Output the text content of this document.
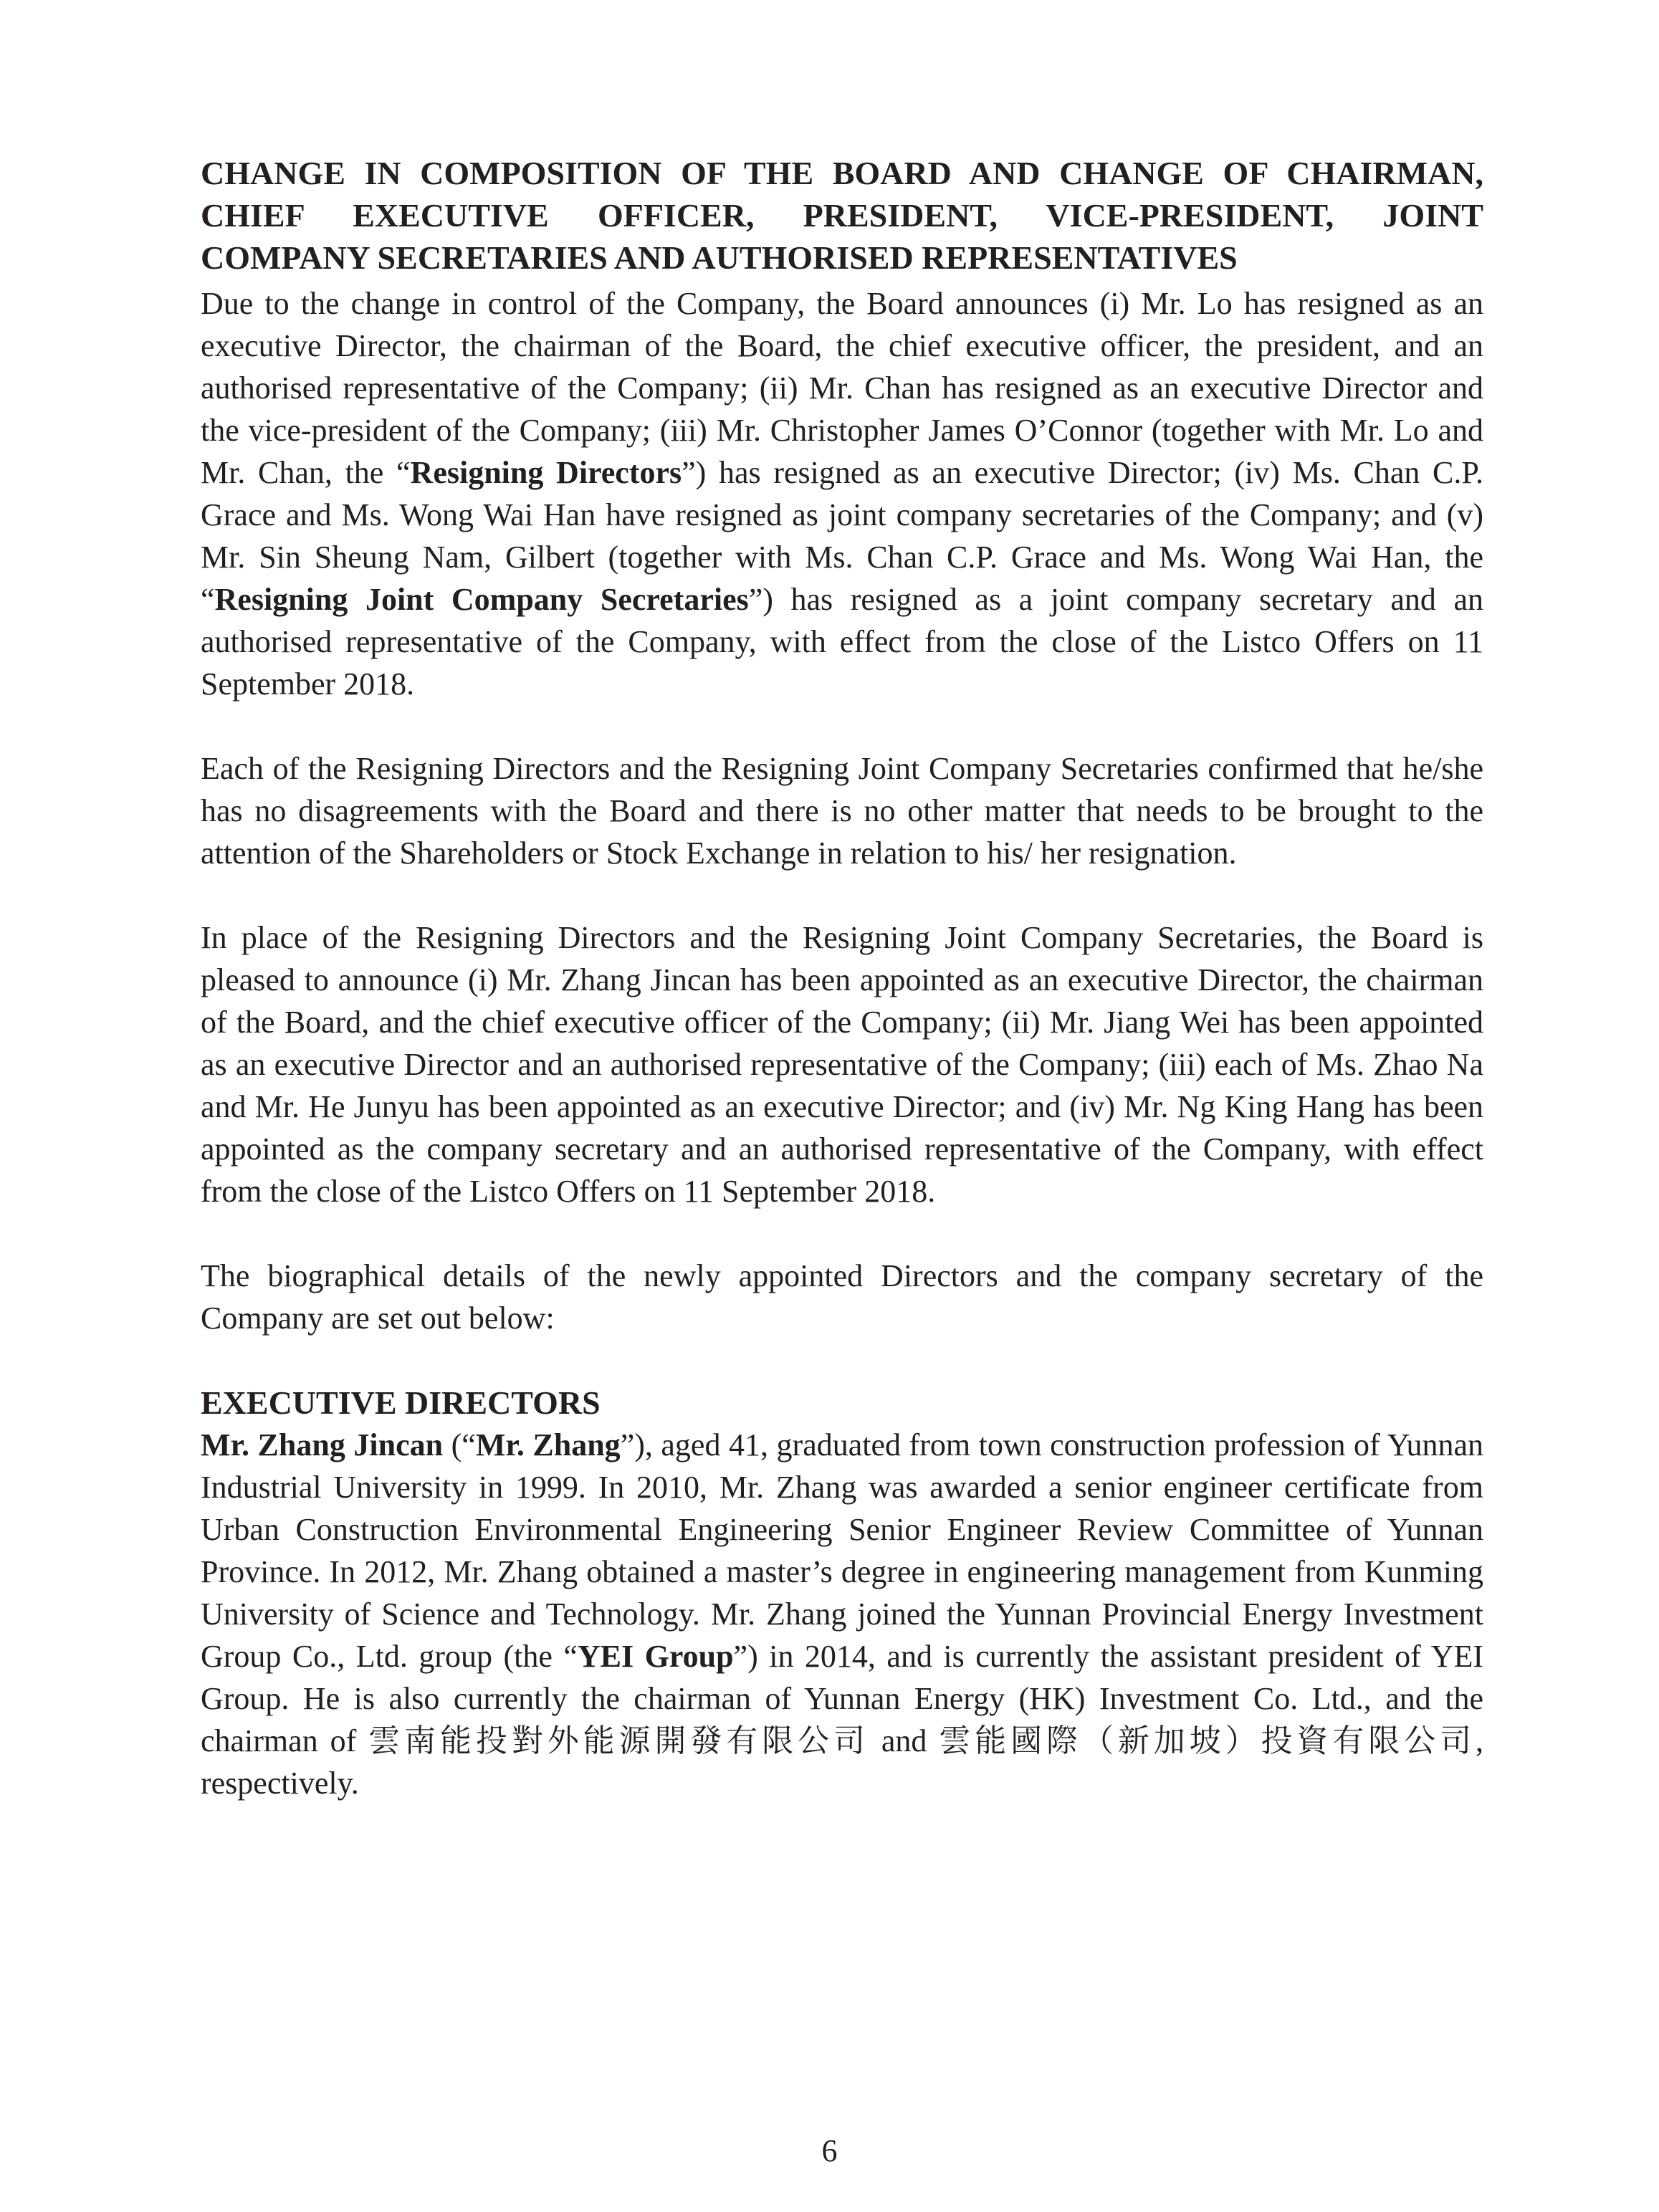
CHANGE IN COMPOSITION OF THE BOARD AND CHANGE OF CHAIRMAN,
CHIEF EXECUTIVE OFFICER, PRESIDENT, VICE-PRESIDENT, JOINT
COMPANY SECRETARIES AND AUTHORISED REPRESENTATIVES

Due to the change in control of the Company, the Board announces (i) Mr. Lo has resigned as an executive Director, the chairman of the Board, the chief executive officer, the president, and an authorised representative of the Company; (ii) Mr. Chan has resigned as an executive Director and the vice-president of the Company; (iii) Mr. Christopher James O’Connor (together with Mr. Lo and Mr. Chan, the “Resigning Directors”) has resigned as an executive Director; (iv) Ms. Chan C.P. Grace and Ms. Wong Wai Han have resigned as joint company secretaries of the Company; and (v) Mr. Sin Sheung Nam, Gilbert (together with Ms. Chan C.P. Grace and Ms. Wong Wai Han, the “Resigning Joint Company Secretaries”) has resigned as a joint company secretary and an authorised representative of the Company, with effect from the close of the Listco Offers on 11 September 2018.

Each of the Resigning Directors and the Resigning Joint Company Secretaries confirmed that he/she has no disagreements with the Board and there is no other matter that needs to be brought to the attention of the Shareholders or Stock Exchange in relation to his/ her resignation.

In place of the Resigning Directors and the Resigning Joint Company Secretaries, the Board is pleased to announce (i) Mr. Zhang Jincan has been appointed as an executive Director, the chairman of the Board, and the chief executive officer of the Company; (ii) Mr. Jiang Wei has been appointed as an executive Director and an authorised representative of the Company; (iii) each of Ms. Zhao Na and Mr. He Junyu has been appointed as an executive Director; and (iv) Mr. Ng King Hang has been appointed as the company secretary and an authorised representative of the Company, with effect from the close of the Listco Offers on 11 September 2018.

The biographical details of the newly appointed Directors and the company secretary of the Company are set out below:

EXECUTIVE DIRECTORS

Mr. Zhang Jincan (“Mr. Zhang”), aged 41, graduated from town construction profession of Yunnan Industrial University in 1999. In 2010, Mr. Zhang was awarded a senior engineer certificate from Urban Construction Environmental Engineering Senior Engineer Review Committee of Yunnan Province. In 2012, Mr. Zhang obtained a master’s degree in engineering management from Kunming University of Science and Technology. Mr. Zhang joined the Yunnan Provincial Energy Investment Group Co., Ltd. group (the “YEI Group”) in 2014, and is currently the assistant president of YEI Group. He is also currently the chairman of Yunnan Energy (HK) Investment Co. Ltd., and the chairman of 雲南能投對外能源開發有限公司 and 雲能國際（新加坡）投資有限公司, respectively.

6
